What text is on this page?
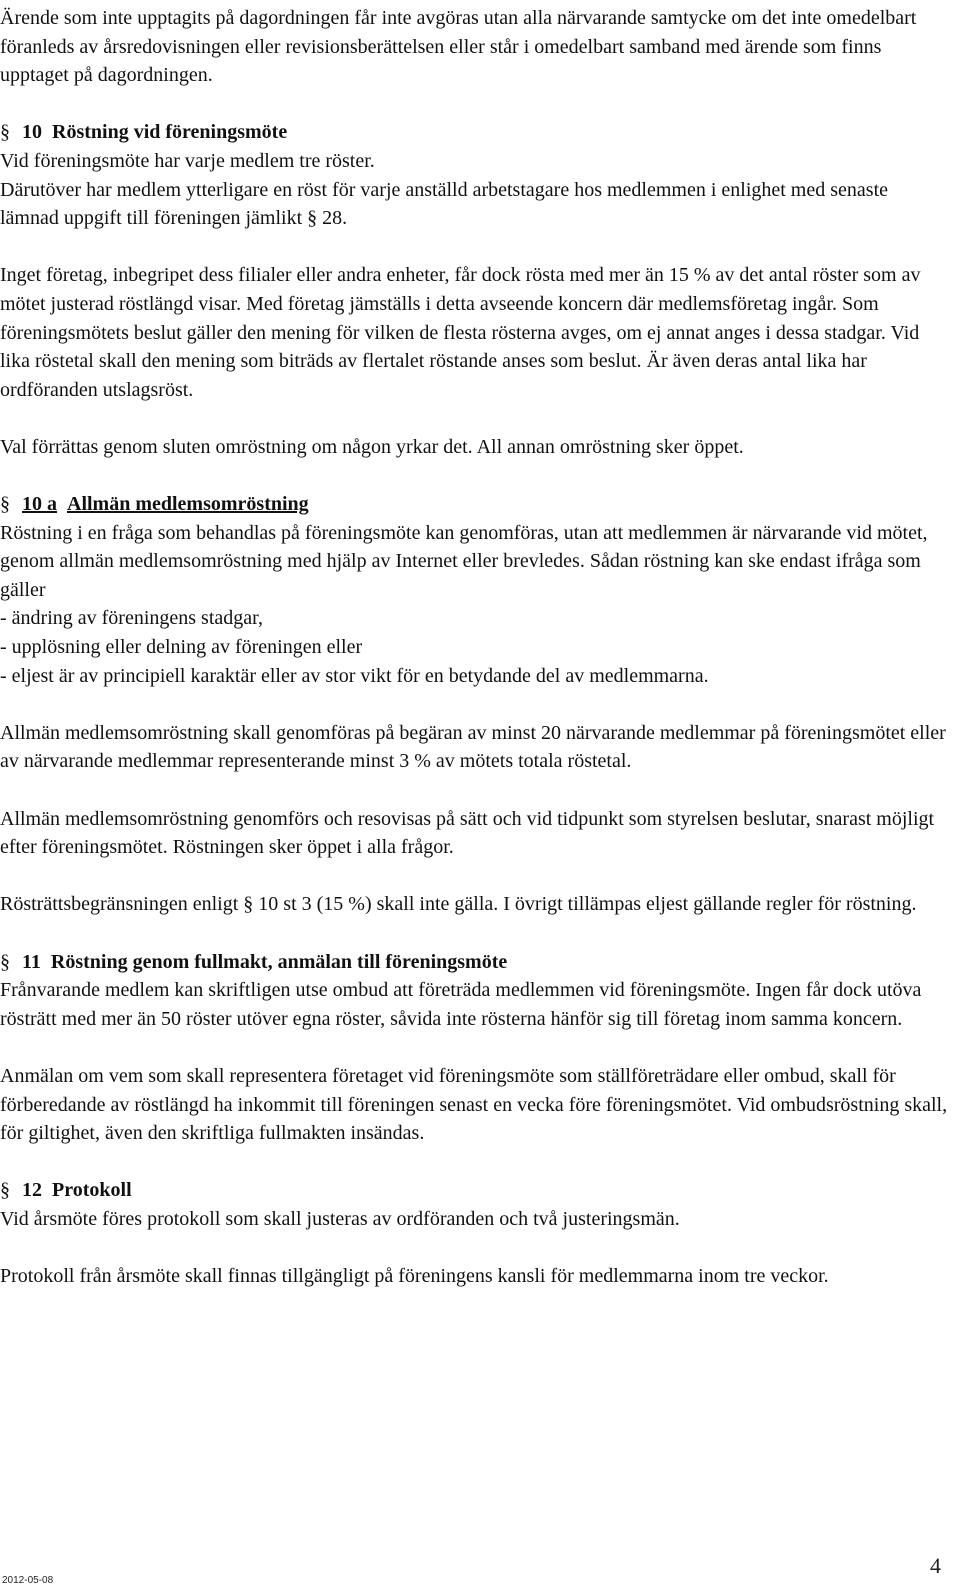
Ärende som inte upptagits på dagordningen får inte avgöras utan alla närvarande samtycke om det inte omedelbart föranleds av årsredovisningen eller revisionsberättelsen eller står i omedelbart samband med ärende som finns upptaget på dagordningen.

§ 10 Röstning vid föreningsmöte

Vid föreningsmöte har varje medlem tre röster.
Därutöver har medlem ytterligare en röst för varje anställd arbetstagare hos medlemmen i enlighet med senaste lämnad uppgift till föreningen jämlikt § 28.

Inget företag, inbegripet dess filialer eller andra enheter, får dock rösta med mer än 15 % av det antal röster som av mötet justerad röstlängd visar. Med företag jämställs i detta avseende koncern där medlemsföretag ingår. Som föreningsmötets beslut gäller den mening för vilken de flesta rösterna avges, om ej annat anges i dessa stadgar. Vid lika röstetal skall den mening som biträds av flertalet röstande anses som beslut. Är även deras antal lika har ordföranden utslagsröst.

Val förrättas genom sluten omröstning om någon yrkar det. All annan omröstning sker öppet.

§ 10 a Allmän medlemsomröstning

Röstning i en fråga som behandlas på föreningsmöte kan genomföras, utan att medlemmen är närvarande vid mötet, genom allmän medlemsomröstning med hjälp av Internet eller brevledes. Sådan röstning kan ske endast ifråga som gäller

- ändring av föreningens stadgar,

- upplösning eller delning av föreningen eller

- eljest är av principiell karaktär eller av stor vikt för en betydande del av medlemmarna.

Allmän medlemsomröstning skall genomföras på begäran av minst 20 närvarande medlemmar på föreningsmötet eller av närvarande medlemmar representerande minst 3 % av mötets totala röstetal.

Allmän medlemsomröstning genomförs och resovisas på sätt och vid tidpunkt som styrelsen beslutar, snarast möjligt efter föreningsmötet. Röstningen sker öppet i alla frågor.

Rösträttsbegränsningen enligt § 10 st 3 (15 %) skall inte gälla. I övrigt tillämpas eljest gällande regler för röstning.

§ 11 Röstning genom fullmakt, anmälan till föreningsmöte

Frånvarande medlem kan skriftligen utse ombud att företräda medlemmen vid föreningsmöte. Ingen får dock utöva rösträtt med mer än 50 röster utöver egna röster, såvida inte rösterna hänför sig till företag inom samma koncern.

Anmälan om vem som skall representera företaget vid föreningsmöte som ställföreträdare eller ombud, skall för förberedande av röstlängd ha inkommit till föreningen senast en vecka före föreningsmötet. Vid ombudsröstning skall, för giltighet, även den skriftliga fullmakten insändas.

§ 12 Protokoll

Vid årsmöte föres protokoll som skall justeras av ordföranden och två justeringsmän.

Protokoll från årsmöte skall finnas tillgängligt på föreningens kansli för medlemmarna inom tre veckor.

4
2012-05-08
